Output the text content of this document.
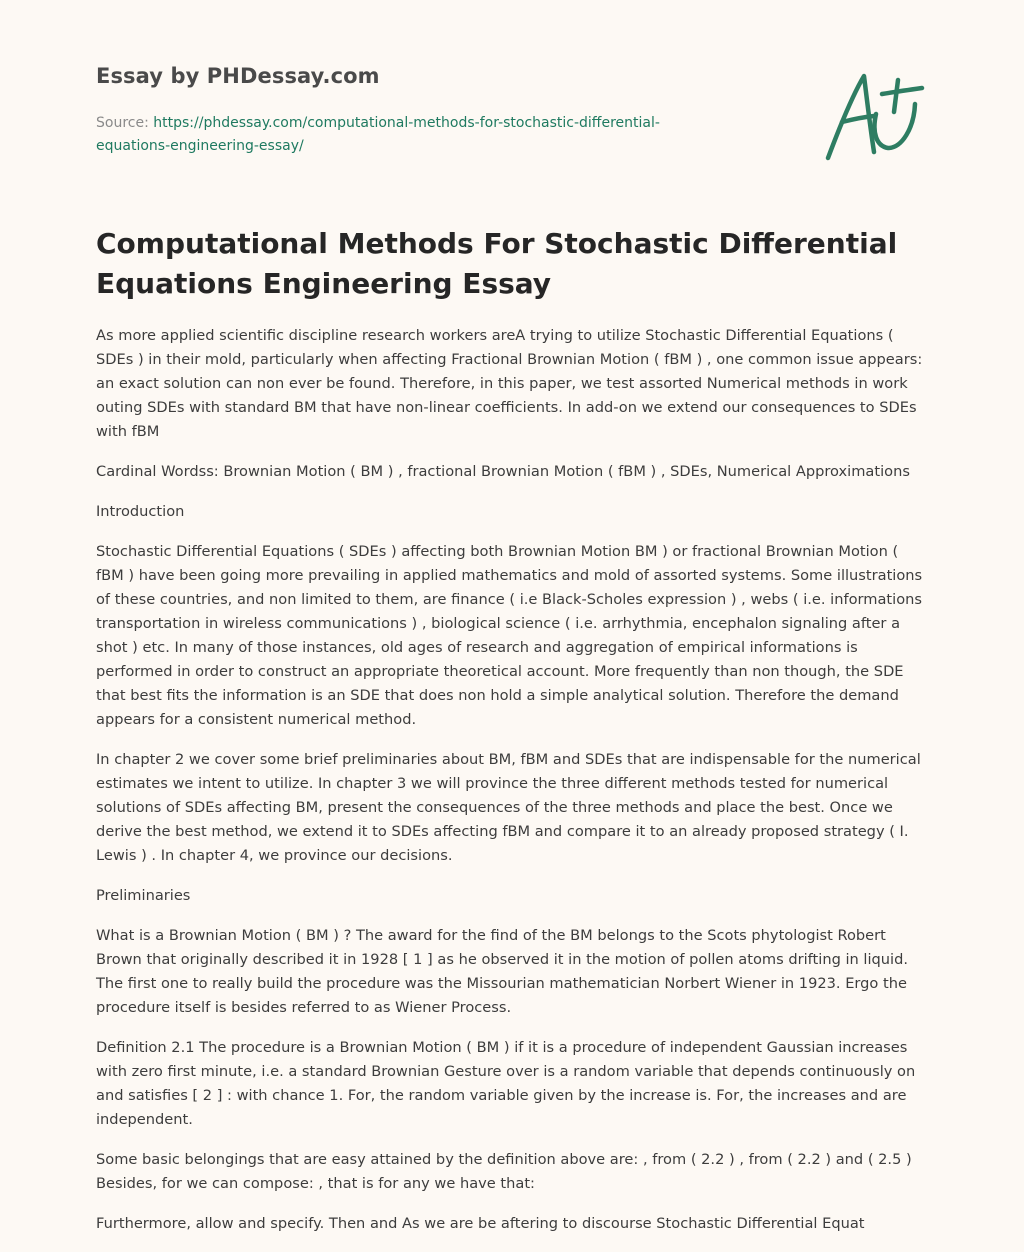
Essay by PHDessay.com
Source: https://phdessay.com/computational-methods-for-stochastic-differential-
equations-engineering-essay/
Computational Methods For Stochastic Differential Equations Engineering Essay

As more applied scientific discipline research workers areA trying to utilize Stochastic Differential Equations ( SDEs ) in their mold, particularly when affecting Fractional Brownian Motion ( fBM ) , one common issue appears: an exact solution can non ever be found. Therefore, in this paper, we test assorted Numerical methods in work outing SDEs with standard BM that have non-linear coefficients. In add-on we extend our consequences to SDEs with fBM

Cardinal Wordss: Brownian Motion ( BM ) , fractional Brownian Motion ( fBM ) , SDEs, Numerical Approximations

Introduction

Stochastic Differential Equations ( SDEs ) affecting both Brownian Motion BM ) or fractional Brownian Motion ( fBM ) have been going more prevailing in applied mathematics and mold of assorted systems. Some illustrations of these countries, and non limited to them, are finance ( i.e Black-Scholes expression ) , webs ( i.e. informations transportation in wireless communications ) , biological science ( i.e. arrhythmia, encephalon signaling after a shot ) etc. In many of those instances, old ages of research and aggregation of empirical informations is performed in order to construct an appropriate theoretical account. More frequently than non though, the SDE that best fits the information is an SDE that does non hold a simple analytical solution. Therefore the demand appears for a consistent numerical method.

In chapter 2 we cover some brief preliminaries about BM, fBM and SDEs that are indispensable for the numerical estimates we intent to utilize. In chapter 3 we will province the three different methods tested for numerical solutions of SDEs affecting BM, present the consequences of the three methods and place the best. Once we derive the best method, we extend it to SDEs affecting fBM and compare it to an already proposed strategy ( I. Lewis ) . In chapter 4, we province our decisions.

Preliminaries

What is a Brownian Motion ( BM ) ? The award for the find of the BM belongs to the Scots phytologist Robert Brown that originally described it in 1928 [ 1 ] as he observed it in the motion of pollen atoms drifting in liquid. The first one to really build the procedure was the Missourian mathematician Norbert Wiener in 1923. Ergo the procedure itself is besides referred to as Wiener Process.

Definition 2.1 The procedure is a Brownian Motion ( BM ) if it is a procedure of independent Gaussian increases with zero first minute, i.e. a standard Brownian Gesture over is a random variable that depends continuously on and satisfies [ 2 ] : with chance 1. For, the random variable given by the increase is. For, the increases and are independent.

Some basic belongings that are easy attained by the definition above are: , from ( 2.2 ) , from ( 2.2 ) and ( 2.5 ) Besides, for we can compose: , that is for any we have that:

Furthermore, allow and specify. Then and As we are be aftering to discourse Stochastic Differential Equat
